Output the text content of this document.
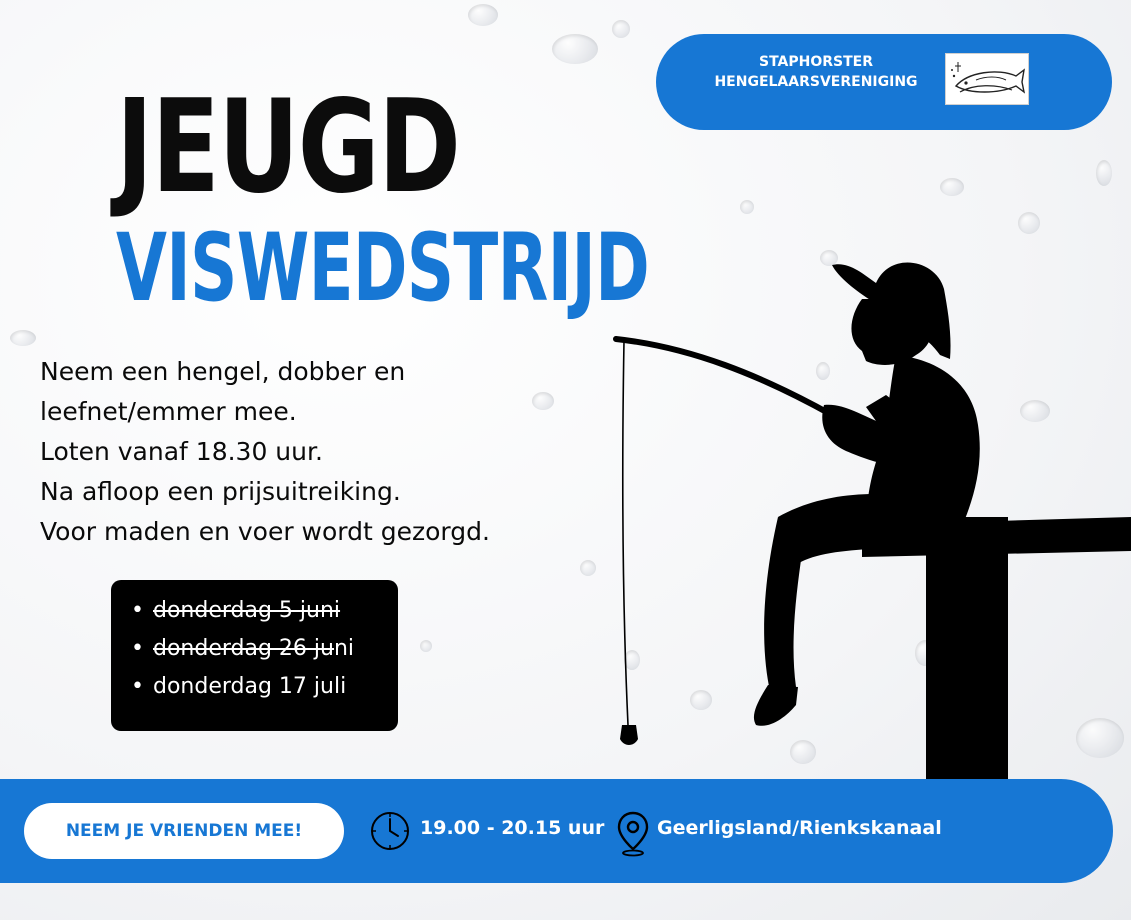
STAPHORSTER
HENGELAARSVERENIGING
JEUGD
VISWEDSTRIJD
Neem een hengel, dobber en
leefnet/emmer mee.
Loten vanaf 18.30 uur.
Na afloop een prijsuitreiking.
Voor maden en voer wordt gezorgd.
• donderdag 5 juni
• donderdag 26 juni
• donderdag 17 juli
NEEM JE VRIENDEN MEE!	19.00 - 20.15 uur	Geerligsland/Rienkskanaal
